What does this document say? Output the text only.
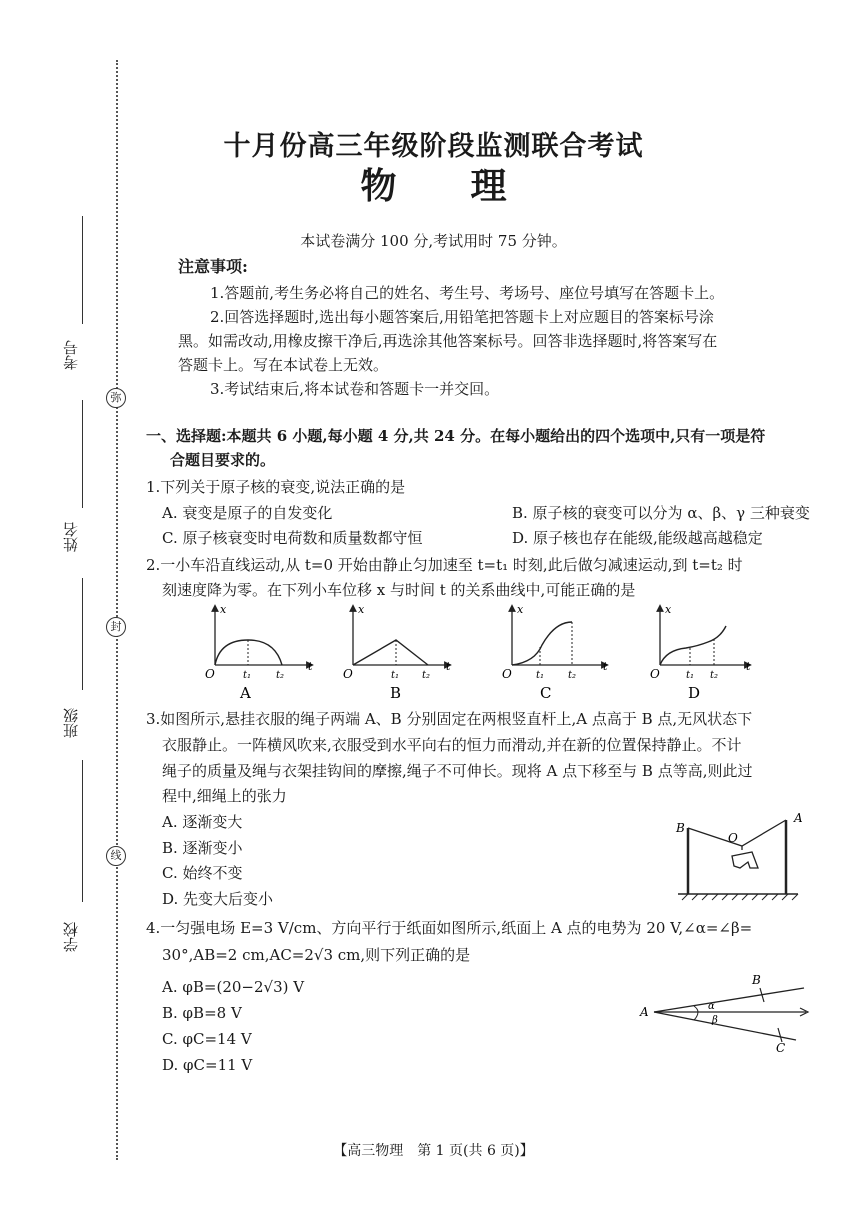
考号
弥
姓名
封
班级
线
学校
十月份高三年级阶段监测联合考试
物 理
本试卷满分 100 分,考试用时 75 分钟。
注意事项:
1.答题前,考生务必将自己的姓名、考生号、考场号、座位号填写在答题卡上。
2.回答选择题时,选出每小题答案后,用铅笔把答题卡上对应题目的答案标号涂
黑。如需改动,用橡皮擦干净后,再选涂其他答案标号。回答非选择题时,将答案写在
答题卡上。写在本试卷上无效。
3.考试结束后,将本试卷和答题卡一并交回。
一、选择题:本题共 6 小题,每小题 4 分,共 24 分。在每小题给出的四个选项中,只有一项是符
合题目要求的。
1.下列关于原子核的衰变,说法正确的是
A. 衰变是原子的自发变化	B. 原子核的衰变可以分为 α、β、γ 三种衰变
C. 原子核衰变时电荷数和质量数都守恒	D. 原子核也存在能级,能级越高越稳定
2.一小车沿直线运动,从 t=0 开始由静止匀加速至 t=t₁ 时刻,此后做匀减速运动,到 t=t₂ 时
刻速度降为零。在下列小车位移 x 与时间 t 的关系曲线中,可能正确的是
O
x
t
t₁ t₂
A
O
x
t
t₁ t₂
B
O
x
t
t₁ t₂
C
O
x
t
t₁ t₂
D
3.如图所示,悬挂衣服的绳子两端 A、B 分别固定在两根竖直杆上,A 点高于 B 点,无风状态下
衣服静止。一阵横风吹来,衣服受到水平向右的恒力而滑动,并在新的位置保持静止。不计
绳子的质量及绳与衣架挂钩间的摩擦,绳子不可伸长。现将 A 点下移至与 B 点等高,则此过
程中,细绳上的张力
A. 逐渐变大
B. 逐渐变小
C. 始终不变
D. 先变大后变小
B
A
O
4.一匀强电场 E=3 V/cm、方向平行于纸面如图所示,纸面上 A 点的电势为 20 V,∠α=∠β=
30°,AB=2 cm,AC=2√3 cm,则下列正确的是
A. φB=(20−2√3) V
B. φB=8 V
C. φC=14 V
D. φC=11 V
A
B
C
α
β
【高三物理　第 1 页(共 6 页)】
